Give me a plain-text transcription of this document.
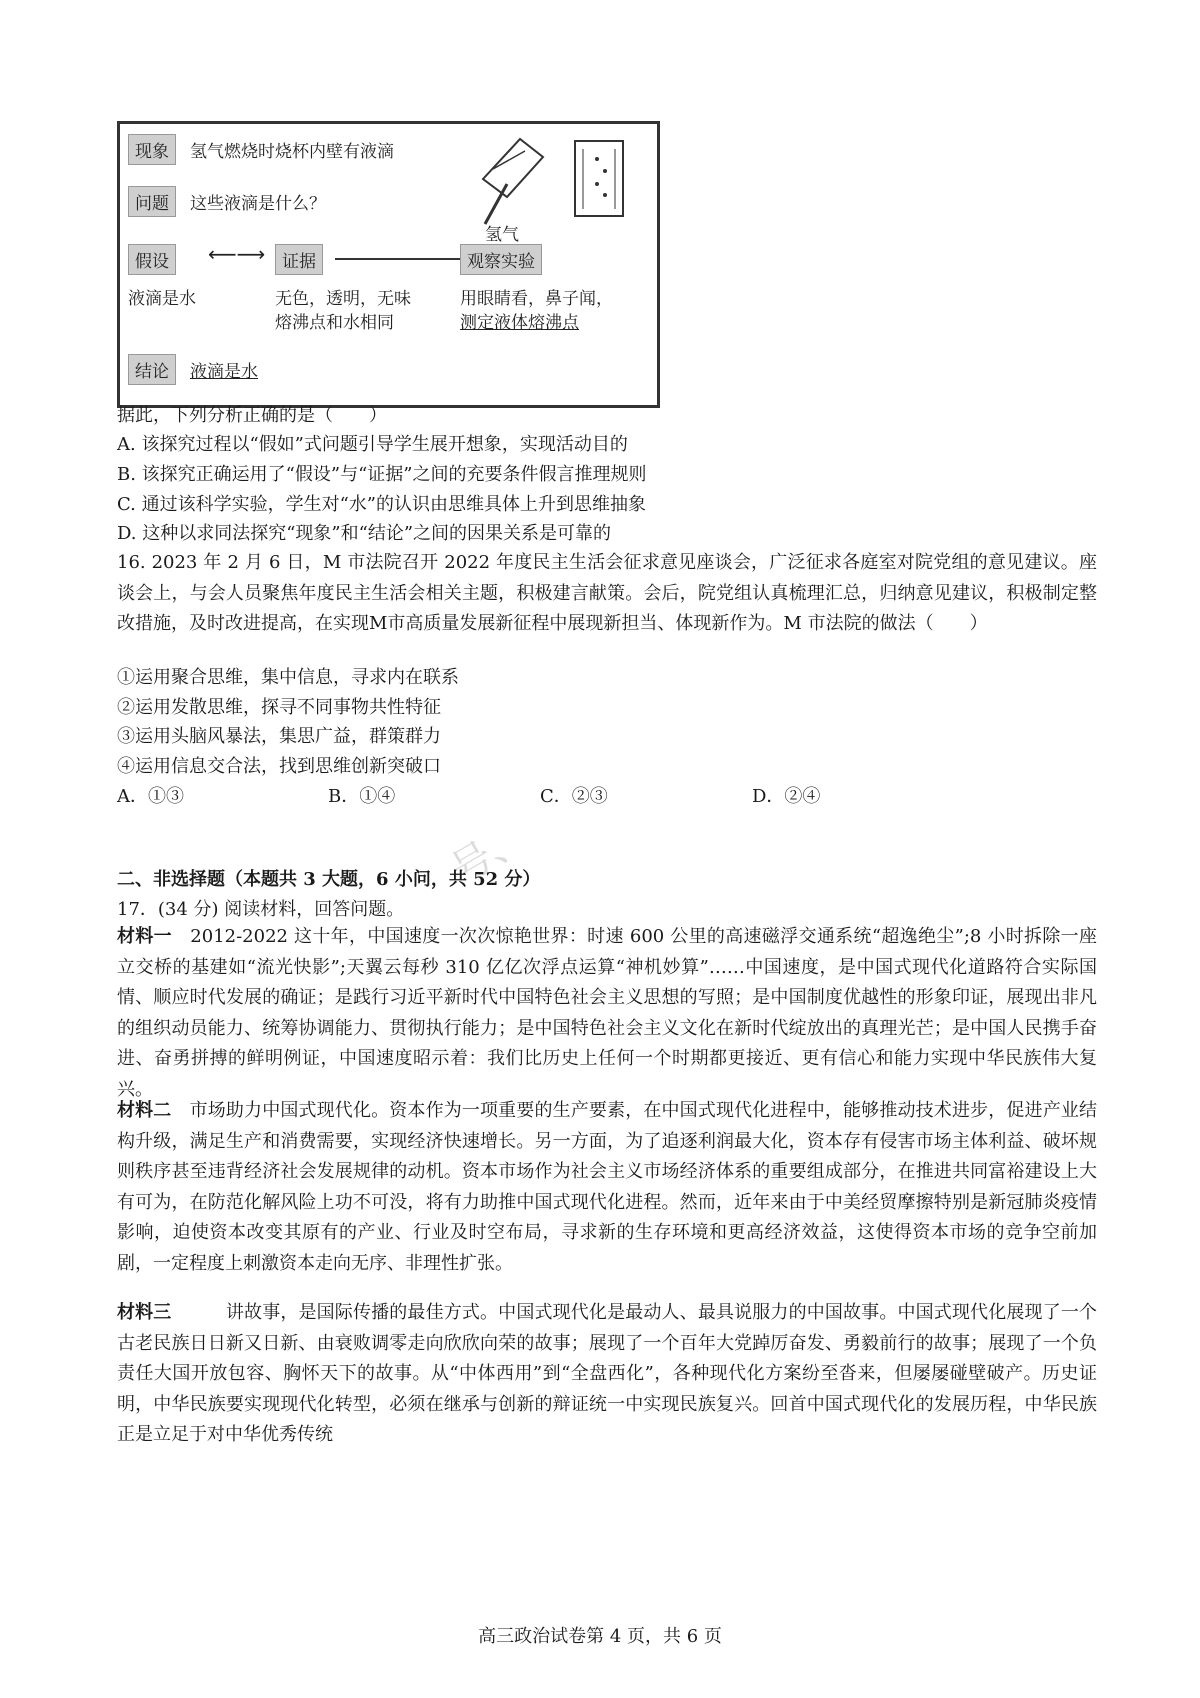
现象	氢气燃烧时烧杯内壁有液滴
问题	这些液滴是什么？
假设	⟵⟶ 证据	观察实验
液滴是水	无色，透明，无味
熔沸点和水相同
用眼睛看，鼻子闻，
测定液体熔沸点
结论	液滴是水
氢气
据此，下列分析正确的是（　　）
A. 该探究过程以“假如”式问题引导学生展开想象，实现活动目的
B. 该探究正确运用了“假设”与“证据”之间的充要条件假言推理规则
C. 通过该科学实验，学生对“水”的认识由思维具体上升到思维抽象
D. 这种以求同法探究“现象”和“结论”之间的因果关系是可靠的
16. 2023 年 2 月 6 日，M 市法院召开 2022 年度民主生活会征求意见座谈会，广泛征求各庭室对院党组的意见建议。座谈会上，与会人员聚焦年度民主生活会相关主题，积极建言献策。会后，院党组认真梳理汇总，归纳意见建议，积极制定整改措施，及时改进提高，在实现M市高质量发展新征程中展现新担当、体现新作为。M 市法院的做法（　　）
①运用聚合思维，集中信息，寻求内在联系
②运用发散思维，探寻不同事物共性特征
③运用头脑风暴法，集思广益，群策群力
④运用信息交合法，找到思维创新突破口
A．①③	B．①④	C．②③	D．②④
号、
二、非选择题（本题共 3 大题，6 小问，共 52 分）
17．(34 分) 阅读材料，回答问题。
材料一　2012-2022 这十年，中国速度一次次惊艳世界：时速 600 公里的高速磁浮交通系统“超逸绝尘”;8 小时拆除一座立交桥的基建如“流光快影”;天翼云每秒 310 亿亿次浮点运算“神机妙算”……中国速度，是中国式现代化道路符合实际国情、顺应时代发展的确证；是践行习近平新时代中国特色社会主义思想的写照；是中国制度优越性的形象印证，展现出非凡的组织动员能力、统筹协调能力、贯彻执行能力；是中国特色社会主义文化在新时代绽放出的真理光芒；是中国人民携手奋进、奋勇拼搏的鲜明例证，中国速度昭示着：我们比历史上任何一个时期都更接近、更有信心和能力实现中华民族伟大复兴。
材料二　市场助力中国式现代化。资本作为一项重要的生产要素，在中国式现代化进程中，能够推动技术进步，促进产业结构升级，满足生产和消费需要，实现经济快速增长。另一方面，为了追逐利润最大化，资本存有侵害市场主体利益、破坏规则秩序甚至违背经济社会发展规律的动机。资本市场作为社会主义市场经济体系的重要组成部分，在推进共同富裕建设上大有可为，在防范化解风险上功不可没，将有力助推中国式现代化进程。然而，近年来由于中美经贸摩擦特别是新冠肺炎疫情影响，迫使资本改变其原有的产业、行业及时空布局，寻求新的生存环境和更高经济效益，这使得资本市场的竞争空前加剧，一定程度上刺激资本走向无序、非理性扩张。
材料三　　　讲故事，是国际传播的最佳方式。中国式现代化是最动人、最具说服力的中国故事。中国式现代化展现了一个古老民族日日新又日新、由衰败调零走向欣欣向荣的故事；展现了一个百年大党踔厉奋发、勇毅前行的故事；展现了一个负责任大国开放包容、胸怀天下的故事。从“中体西用”到“全盘西化”，各种现代化方案纷至沓来，但屡屡碰壁破产。历史证明，中华民族要实现现代化转型，必须在继承与创新的辩证统一中实现民族复兴。回首中国式现代化的发展历程，中华民族正是立足于对中华优秀传统
高三政治试卷第 4 页，共 6 页
